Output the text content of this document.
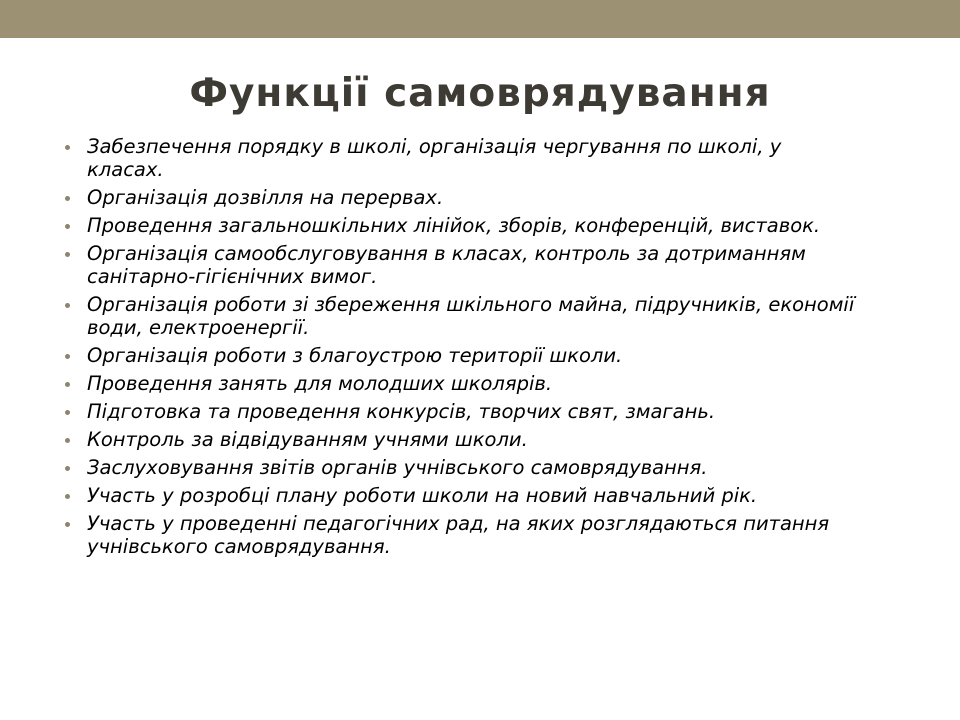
Функції самоврядування
Забезпечення порядку в школі, організація чергування по школі, у класах.
Організація дозвілля на перервах.
Проведення загальношкільних лінійок, зборів, конференцій, виставок.
Організація самообслуговування в класах, контроль за дотриманням санітарно-гігієнічних вимог.
Організація роботи зі збереження шкільного майна, підручників, економії води, електроенергії.
Організація роботи з благоустрою території школи.
Проведення занять для молодших школярів.
Підготовка та проведення конкурсів, творчих свят, змагань.
Контроль за відвідуванням учнями школи.
Заслуховування звітів органів учнівського самоврядування.
Участь у розробці плану роботи школи на новий навчальний рік.
Участь у проведенні педагогічних рад, на яких розглядаються питання   учнівського самоврядування.
